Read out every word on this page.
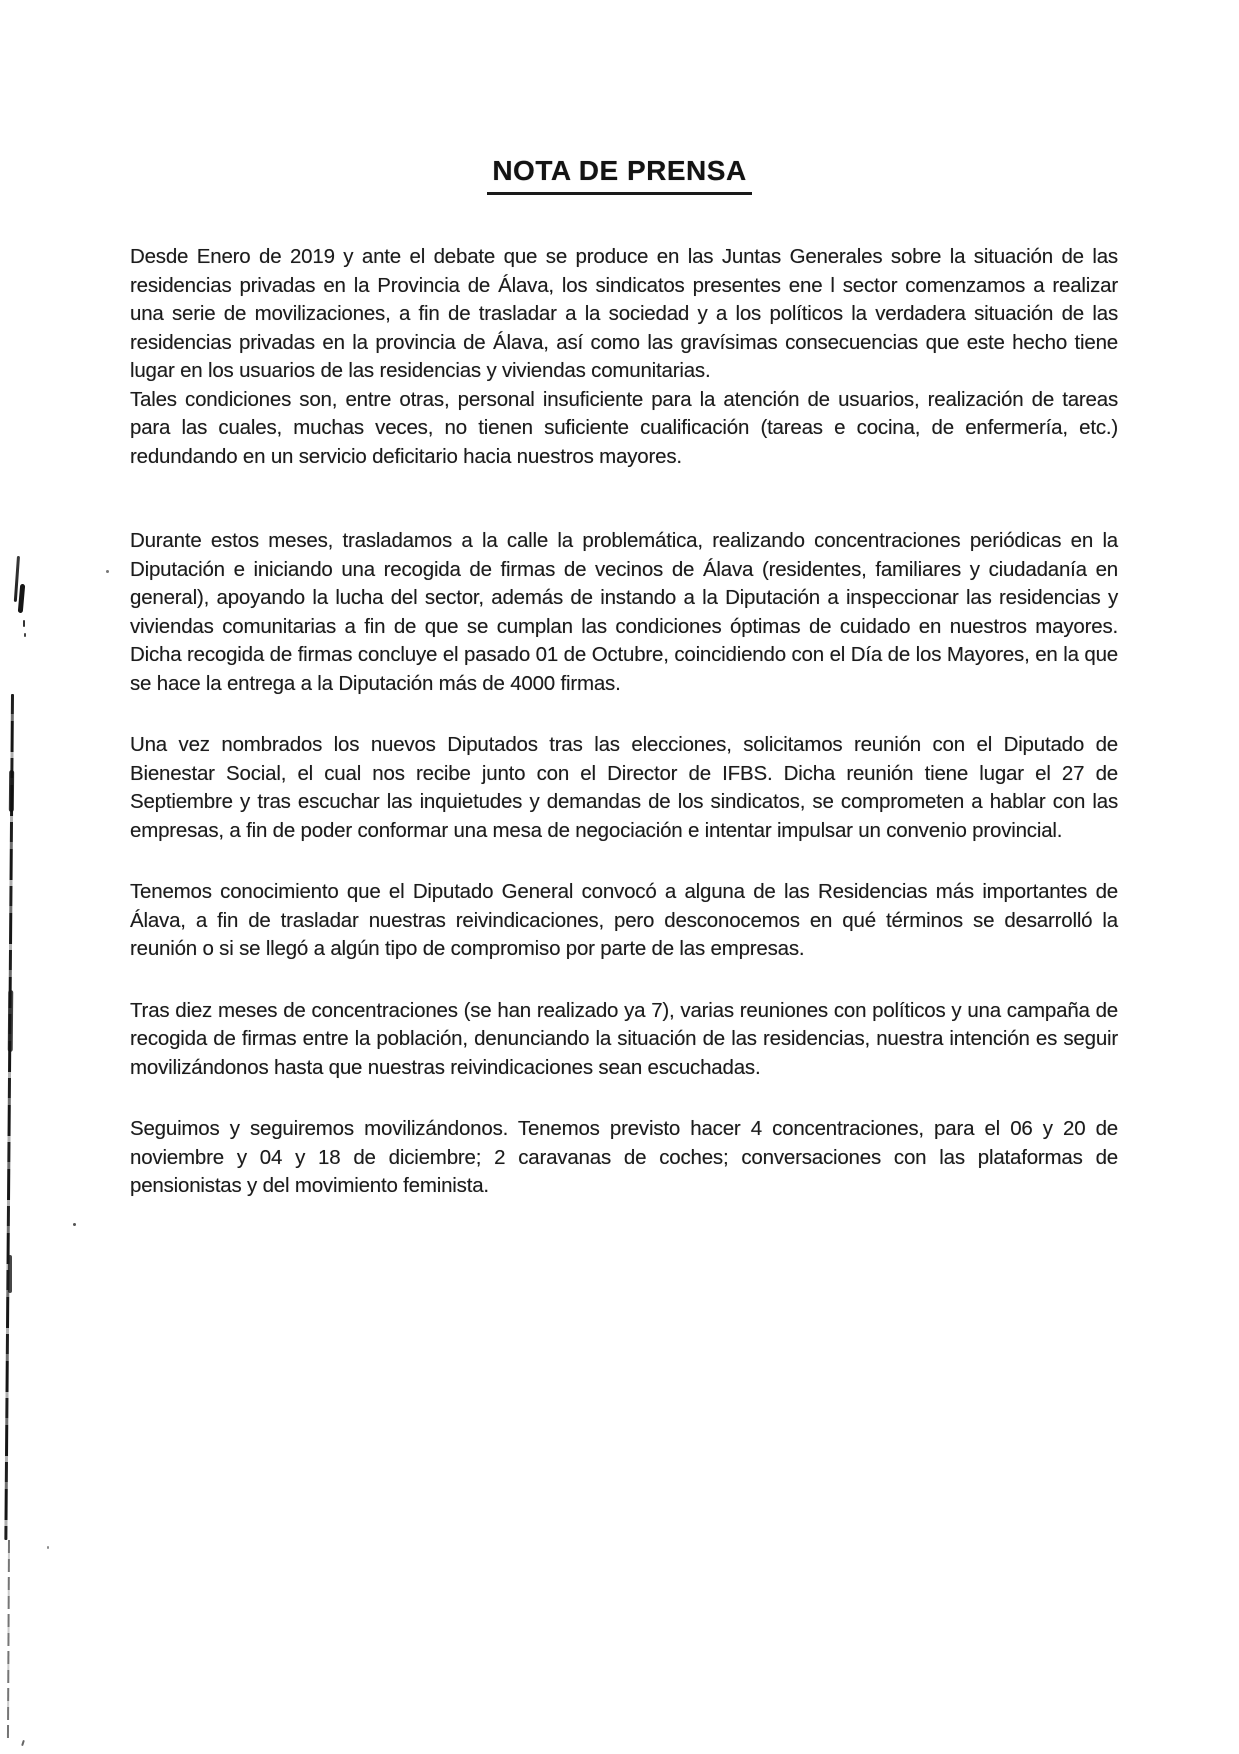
NOTA DE PRENSA

Desde Enero de 2019 y ante el debate que se produce en las Juntas Generales sobre la situación de las residencias privadas en la Provincia de Álava, los sindicatos presentes ene l sector comenzamos a realizar una serie de movilizaciones, a fin de trasladar a la sociedad y a los políticos la verdadera situación de las residencias privadas en la provincia de Álava, así como las gravísimas consecuencias que este hecho tiene lugar en los usuarios de las residencias y viviendas comunitarias.

Tales condiciones son, entre otras, personal insuficiente para la atención de usuarios, realización de tareas para las cuales, muchas veces, no tienen suficiente cualificación (tareas e cocina, de enfermería, etc.) redundando en un servicio deficitario hacia nuestros mayores.

Durante estos meses, trasladamos a la calle la problemática, realizando concentraciones periódicas en la Diputación e iniciando una recogida de firmas de vecinos de Álava (residentes, familiares y ciudadanía en general), apoyando la lucha del sector, además de instando a la Diputación a inspeccionar las residencias y viviendas comunitarias a fin de que se cumplan las condiciones óptimas de cuidado en nuestros mayores. Dicha recogida de firmas concluye el pasado 01 de Octubre, coincidiendo con el Día de los Mayores, en la que se hace la entrega a la Diputación más de 4000 firmas.

Una vez nombrados los nuevos Diputados tras las elecciones, solicitamos reunión con el Diputado de Bienestar Social, el cual nos recibe junto con el Director de IFBS. Dicha reunión tiene lugar el 27 de Septiembre y tras escuchar las inquietudes y demandas de los sindicatos, se comprometen a hablar con las empresas, a fin de poder conformar una mesa de negociación e intentar impulsar un convenio provincial.

Tenemos conocimiento que el Diputado General convocó a alguna de las Residencias más importantes de Álava, a fin de trasladar nuestras reivindicaciones, pero desconocemos en qué términos se desarrolló la reunión o si se llegó a algún tipo de compromiso por parte de las empresas.

Tras diez meses de concentraciones (se han realizado ya 7), varias reuniones con políticos y una campaña de recogida de firmas entre la población, denunciando la situación de las residencias, nuestra intención es seguir movilizándonos hasta que nuestras reivindicaciones sean escuchadas.

Seguimos y seguiremos movilizándonos. Tenemos previsto hacer 4 concentraciones, para el 06 y 20 de noviembre y 04 y 18 de diciembre; 2 caravanas de coches; conversaciones con las plataformas de pensionistas y del movimiento feminista.
